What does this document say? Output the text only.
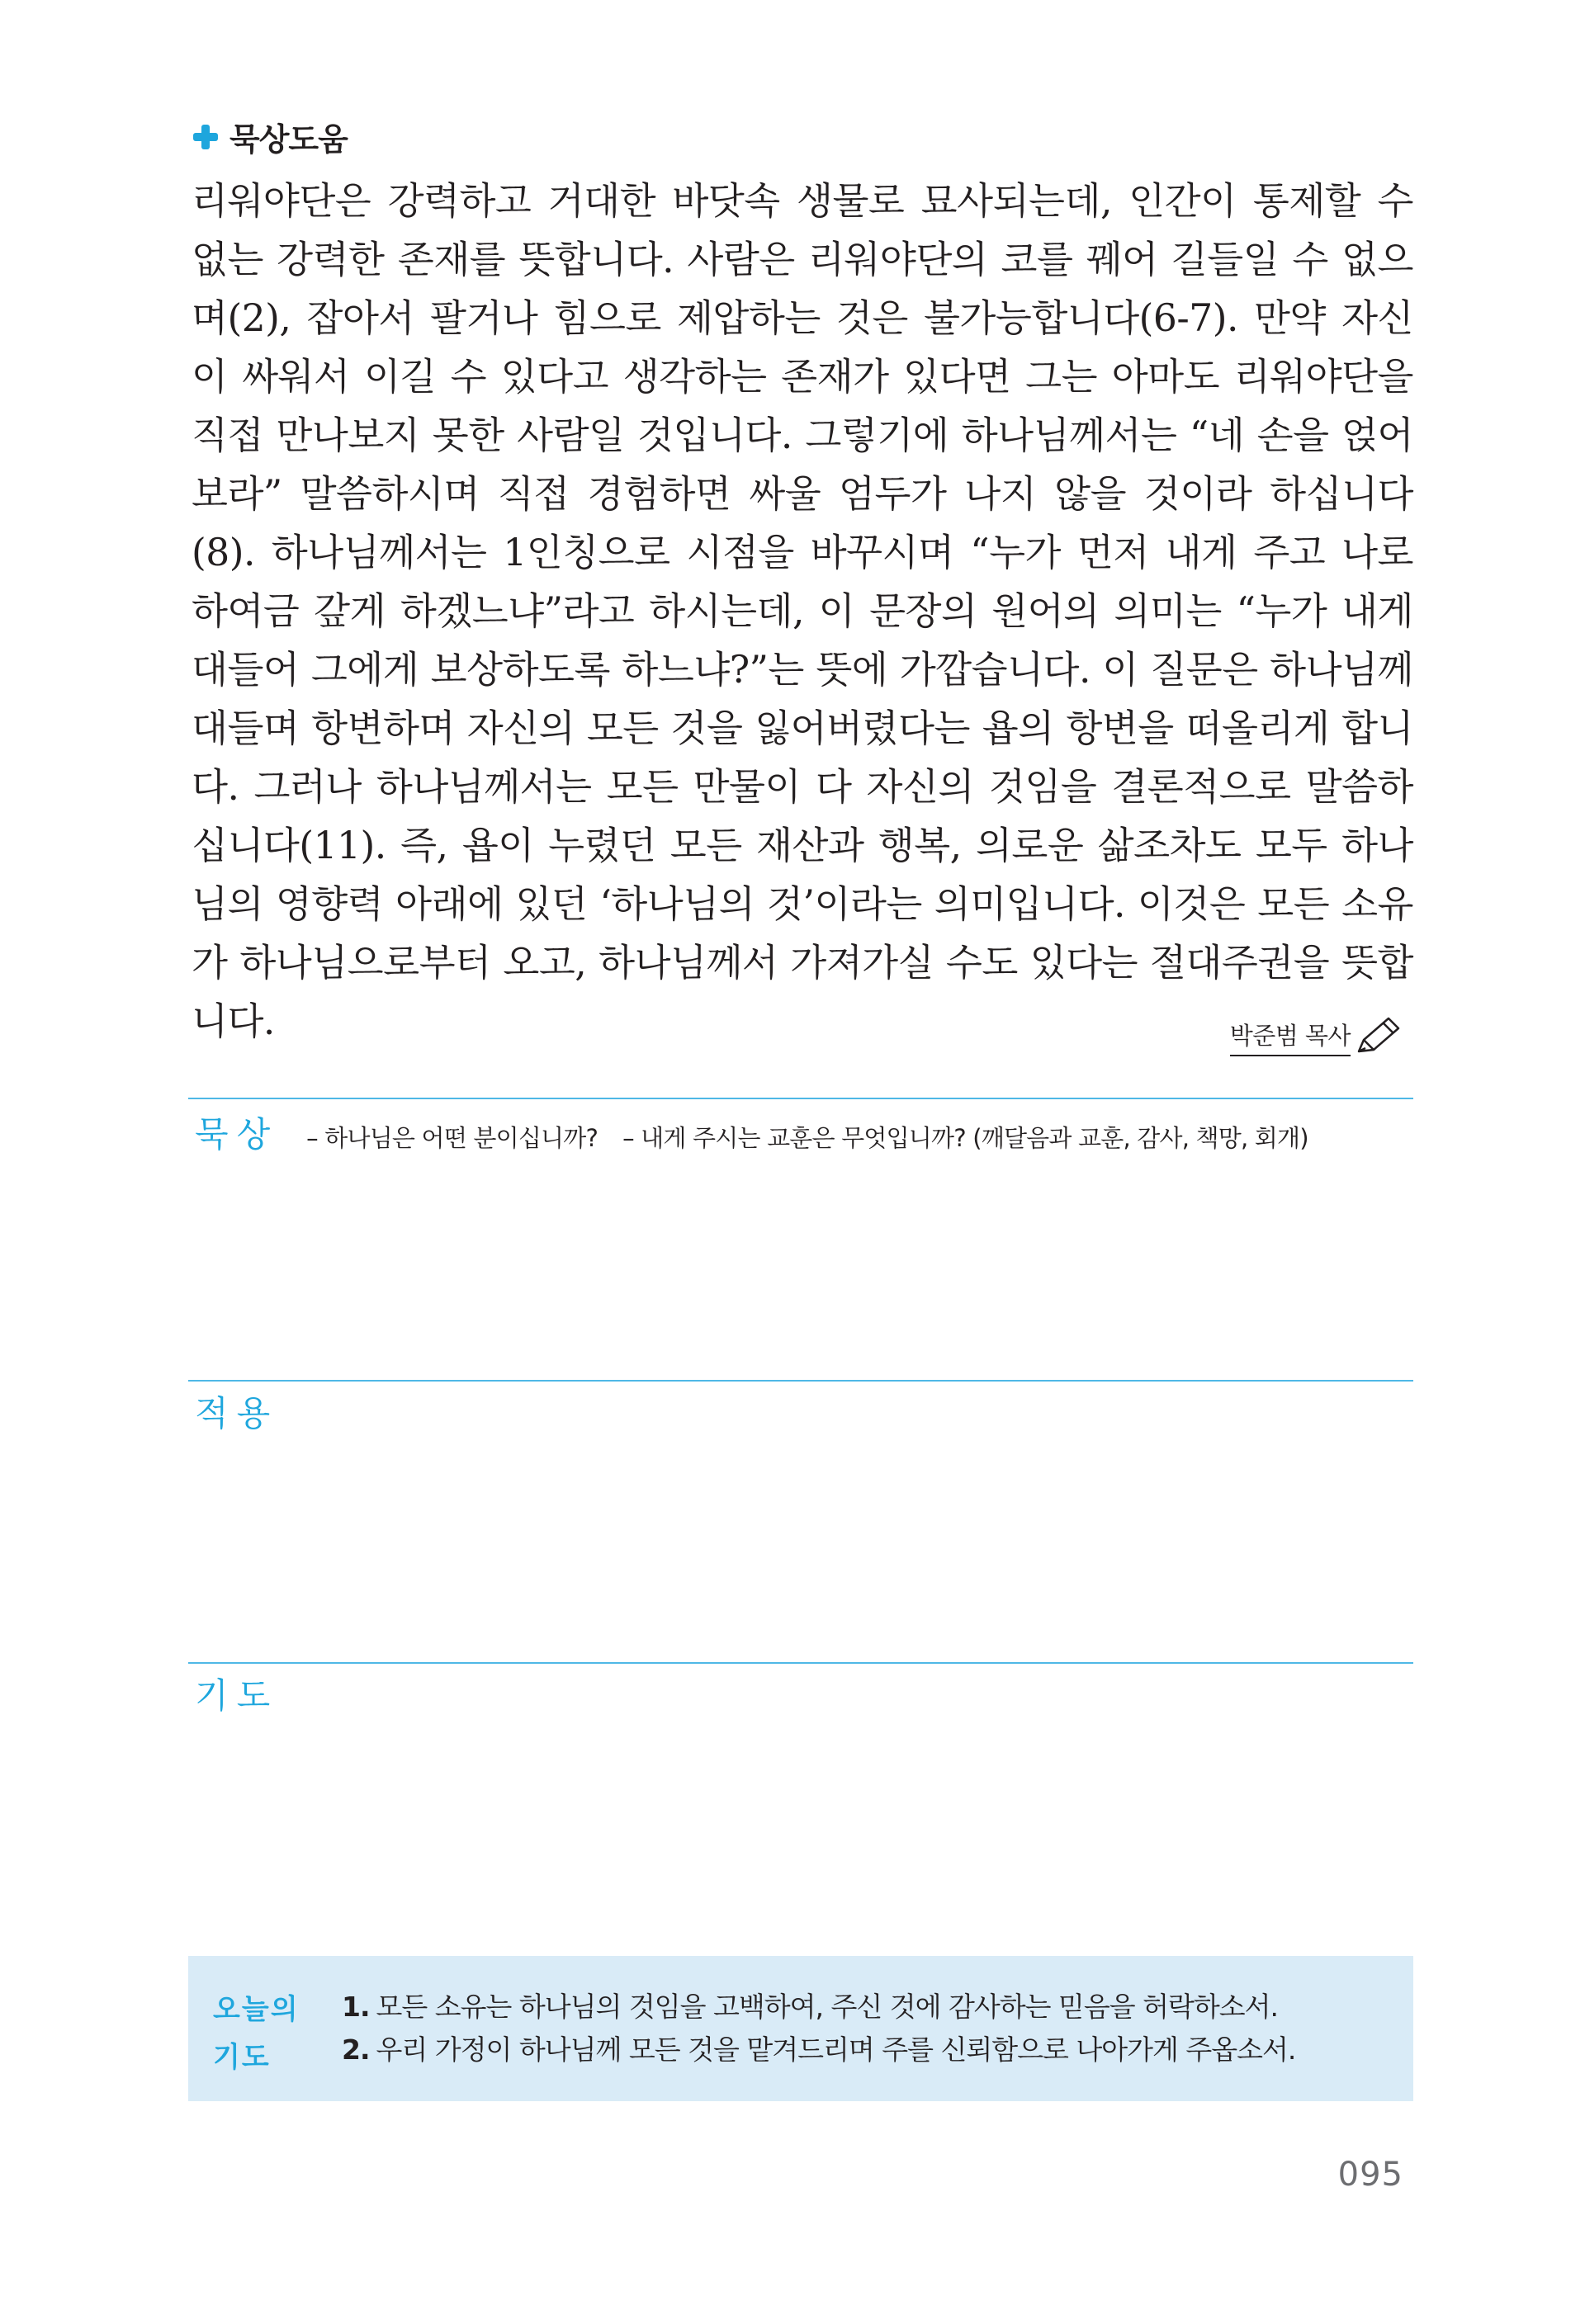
묵상도움

리워야단은 강력하고 거대한 바닷속 생물로 묘사되는데, 인간이 통제할 수 없는 강력한 존재를 뜻합니다. 사람은 리워야단의 코를 꿰어 길들일 수 없으며(2), 잡아서 팔거나 힘으로 제압하는 것은 불가능합니다(6-7). 만약 자신이 싸워서 이길 수 있다고 생각하는 존재가 있다면 그는 아마도 리워야단을 직접 만나보지 못한 사람일 것입니다. 그렇기에 하나님께서는 “네 손을 얹어보라” 말씀하시며 직접 경험하면 싸울 엄두가 나지 않을 것이라 하십니다(8). 하나님께서는 1인칭으로 시점을 바꾸시며 “누가 먼저 내게 주고 나로 하여금 갚게 하겠느냐”라고 하시는데, 이 문장의 원어의 의미는 “누가 내게 대들어 그에게 보상하도록 하느냐?”는 뜻에 가깝습니다. 이 질문은 하나님께 대들며 항변하며 자신의 모든 것을 잃어버렸다는 욥의 항변을 떠올리게 합니다. 그러나 하나님께서는 모든 만물이 다 자신의 것임을 결론적으로 말씀하십니다(11). 즉, 욥이 누렸던 모든 재산과 행복, 의로운 삶조차도 모두 하나님의 영향력 아래에 있던 ‘하나님의 것’이라는 의미입니다. 이것은 모든 소유가 하나님으로부터 오고, 하나님께서 가져가실 수도 있다는 절대주권을 뜻합니다.	박준범 목사
묵상 – 하나님은 어떤 분이십니까? – 내게 주시는 교훈은 무엇입니까? (깨달음과 교훈, 감사, 책망, 회개)
적용
기도
오늘의
기도
1. 모든 소유는 하나님의 것임을 고백하여, 주신 것에 감사하는 믿음을 허락하소서.
2. 우리 가정이 하나님께 모든 것을 맡겨드리며 주를 신뢰함으로 나아가게 주옵소서.
095
